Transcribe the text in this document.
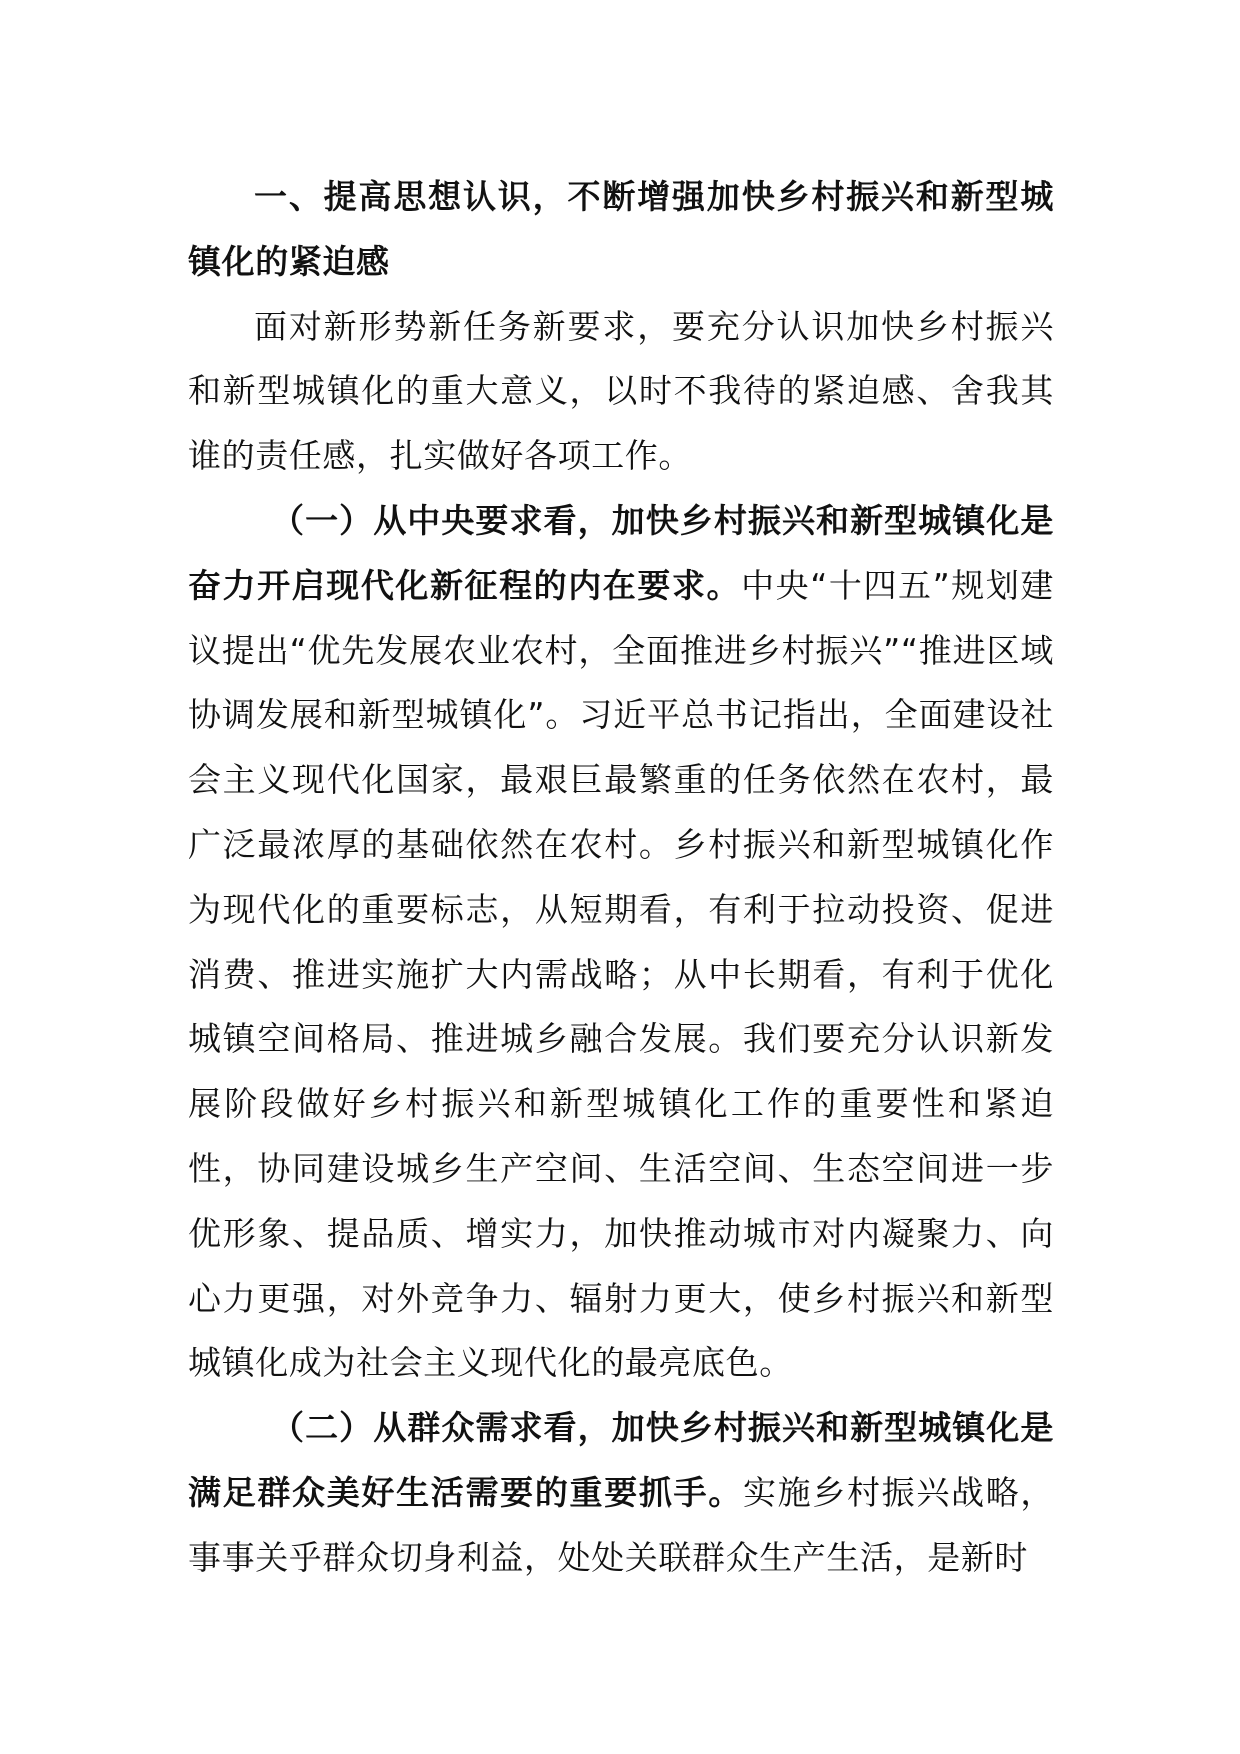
一、提高思想认识，不断增强加快乡村振兴和新型城镇化的紧迫感

面对新形势新任务新要求，要充分认识加快乡村振兴和新型城镇化的重大意义，以时不我待的紧迫感、舍我其谁的责任感，扎实做好各项工作。

（一）从中央要求看，加快乡村振兴和新型城镇化是奋力开启现代化新征程的内在要求。中央“十四五”规划建议提出“优先发展农业农村，全面推进乡村振兴”“推进区域协调发展和新型城镇化”。习近平总书记指出，全面建设社会主义现代化国家，最艰巨最繁重的任务依然在农村，最广泛最浓厚的基础依然在农村。乡村振兴和新型城镇化作为现代化的重要标志，从短期看，有利于拉动投资、促进消费、推进实施扩大内需战略；从中长期看，有利于优化城镇空间格局、推进城乡融合发展。我们要充分认识新发展阶段做好乡村振兴和新型城镇化工作的重要性和紧迫性，协同建设城乡生产空间、生活空间、生态空间进一步优形象、提品质、增实力，加快推动城市对内凝聚力、向心力更强，对外竞争力、辐射力更大，使乡村振兴和新型城镇化成为社会主义现代化的最亮底色。

（二）从群众需求看，加快乡村振兴和新型城镇化是满足群众美好生活需要的重要抓手。实施乡村振兴战略，事事关乎群众切身利益，处处关联群众生产生活，是新时
